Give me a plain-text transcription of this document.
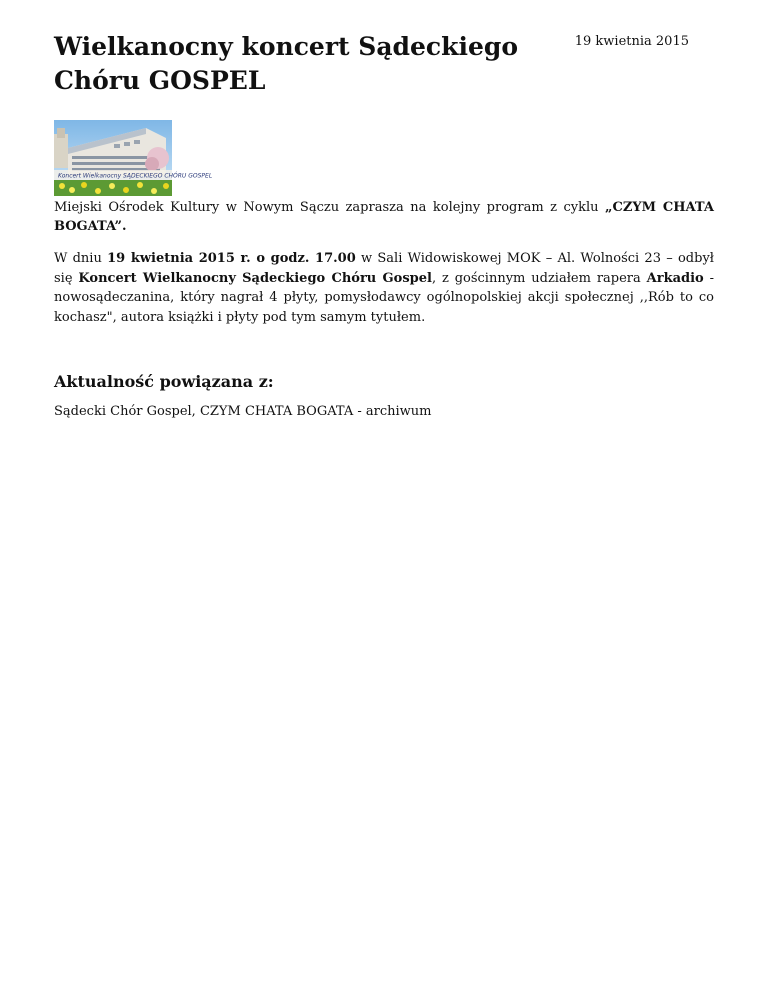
Wielkanocny koncert Sądeckiego Chóru GOSPEL
19 kwietnia 2015
Koncert Wielkanocny SĄDECKIEGO CHÓRU GOSPEL

Miejski Ośrodek Kultury w Nowym Sączu zaprasza na kolejny program z cyklu „CZYM CHATA BOGATA”.

W dniu 19 kwietnia 2015 r. o godz. 17.00 w Sali Widowiskowej MOK – Al. Wolności 23 – odbył się Koncert Wielkanocny Sądeckiego Chóru Gospel, z gościnnym udziałem rapera Arkadio - nowosądeczanina, który nagrał 4 płyty, pomysłodawcy ogólnopolskiej akcji społecznej ,,Rób to co kochasz", autora książki i płyty pod tym samym tytułem.

Aktualność powiązana z:
Sądecki Chór Gospel, CZYM CHATA BOGATA - archiwum
